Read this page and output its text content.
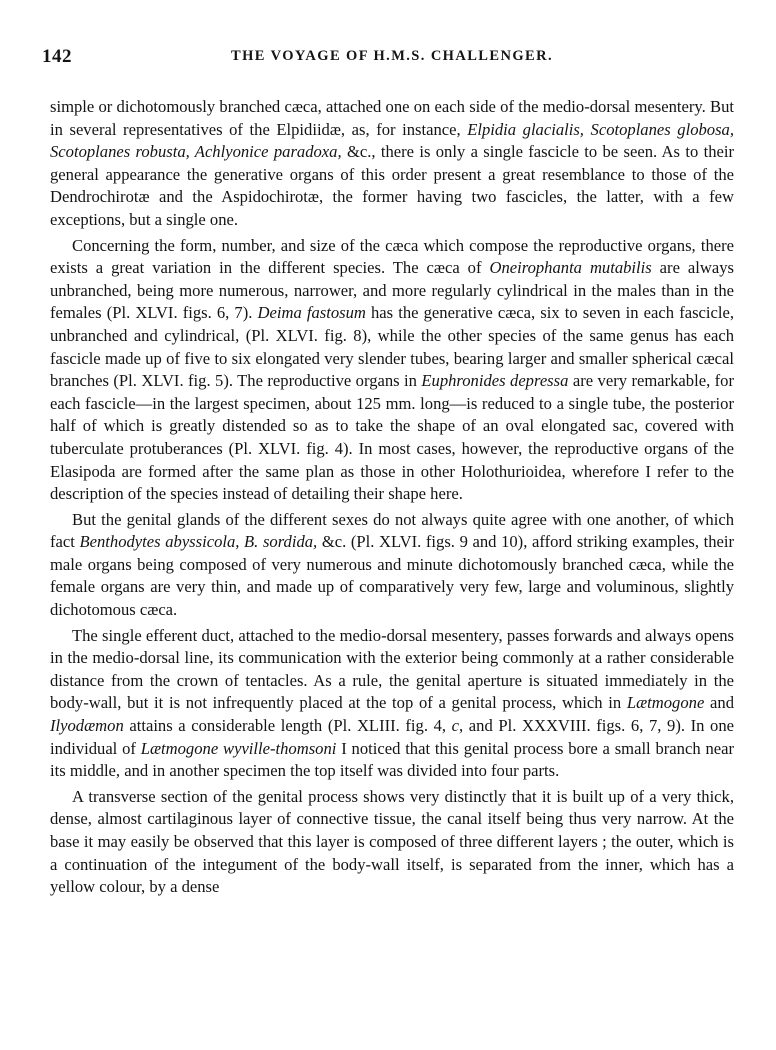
142	THE VOYAGE OF H.M.S. CHALLENGER.

simple or dichotomously branched cæca, attached one on each side of the medio-dorsal mesentery. But in several representatives of the Elpidiidæ, as, for instance, Elpidia glacialis, Scotoplanes globosa, Scotoplanes robusta, Achlyonice paradoxa, &c., there is only a single fascicle to be seen. As to their general appearance the generative organs of this order present a great resemblance to those of the Dendrochirotæ and the Aspidochirotæ, the former having two fascicles, the latter, with a few exceptions, but a single one.

Concerning the form, number, and size of the cæca which compose the reproductive organs, there exists a great variation in the different species. The cæca of Oneirophanta mutabilis are always unbranched, being more numerous, narrower, and more regularly cylindrical in the males than in the females (Pl. XLVI. figs. 6, 7). Deima fastosum has the generative cæca, six to seven in each fascicle, unbranched and cylindrical, (Pl. XLVI. fig. 8), while the other species of the same genus has each fascicle made up of five to six elongated very slender tubes, bearing larger and smaller spherical cæcal branches (Pl. XLVI. fig. 5). The reproductive organs in Euphronides depressa are very remarkable, for each fascicle—in the largest specimen, about 125 mm. long—is reduced to a single tube, the posterior half of which is greatly distended so as to take the shape of an oval elongated sac, covered with tuberculate protuberances (Pl. XLVI. fig. 4). In most cases, however, the reproductive organs of the Elasipoda are formed after the same plan as those in other Holothurioidea, wherefore I refer to the description of the species instead of detailing their shape here.

But the genital glands of the different sexes do not always quite agree with one another, of which fact Benthodytes abyssicola, B. sordida, &c. (Pl. XLVI. figs. 9 and 10), afford striking examples, their male organs being composed of very numerous and minute dichotomously branched cæca, while the female organs are very thin, and made up of comparatively very few, large and voluminous, slightly dichotomous cæca.

The single efferent duct, attached to the medio-dorsal mesentery, passes forwards and always opens in the medio-dorsal line, its communication with the exterior being commonly at a rather considerable distance from the crown of tentacles. As a rule, the genital aperture is situated immediately in the body-wall, but it is not infrequently placed at the top of a genital process, which in Lætmogone and Ilyodæmon attains a considerable length (Pl. XLIII. fig. 4, c, and Pl. XXXVIII. figs. 6, 7, 9). In one individual of Lætmogone wyville-thomsoni I noticed that this genital process bore a small branch near its middle, and in another specimen the top itself was divided into four parts.

A transverse section of the genital process shows very distinctly that it is built up of a very thick, dense, almost cartilaginous layer of connective tissue, the canal itself being thus very narrow. At the base it may easily be observed that this layer is composed of three different layers ; the outer, which is a continuation of the integument of the body-wall itself, is separated from the inner, which has a yellow colour, by a dense
